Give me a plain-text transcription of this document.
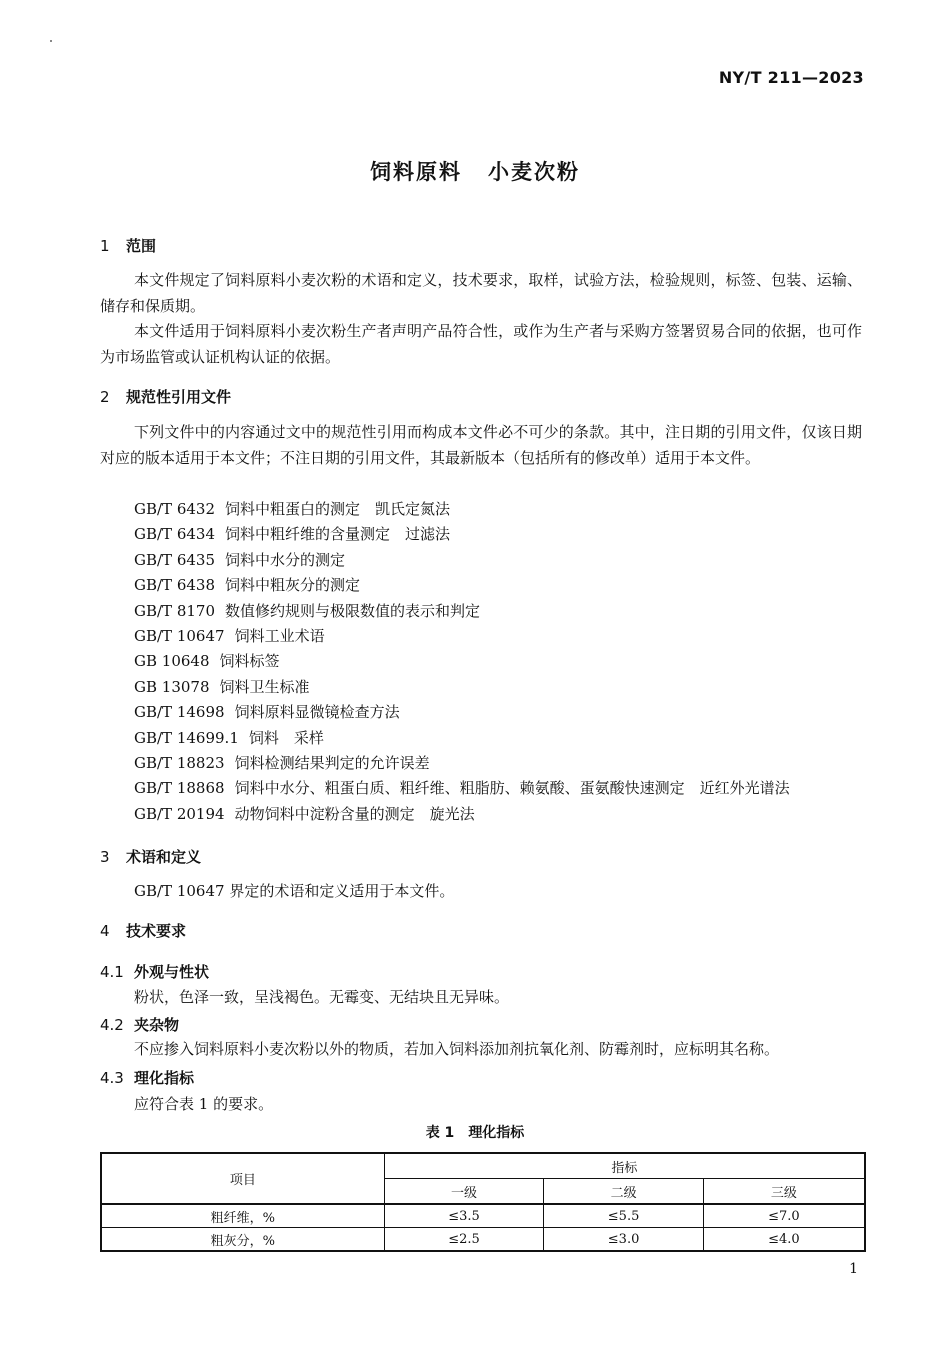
NY/T 211—2023
饲料原料 小麦次粉
1 范围
本文件规定了饲料原料小麦次粉的术语和定义，技术要求，取样，试验方法，检验规则，标签、包装、运输、储存和保质期。
本文件适用于饲料原料小麦次粉生产者声明产品符合性，或作为生产者与采购方签署贸易合同的依据，也可作为市场监管或认证机构认证的依据。
2 规范性引用文件
下列文件中的内容通过文中的规范性引用而构成本文件必不可少的条款。其中，注日期的引用文件，仅该日期对应的版本适用于本文件；不注日期的引用文件，其最新版本（包括所有的修改单）适用于本文件。
GB/T 6432 饲料中粗蛋白的测定　凯氏定氮法
GB/T 6434 饲料中粗纤维的含量测定　过滤法
GB/T 6435 饲料中水分的测定
GB/T 6438 饲料中粗灰分的测定
GB/T 8170 数值修约规则与极限数值的表示和判定
GB/T 10647 饲料工业术语
GB 10648 饲料标签
GB 13078 饲料卫生标准
GB/T 14698 饲料原料显微镜检查方法
GB/T 14699.1 饲料　采样
GB/T 18823 饲料检测结果判定的允许误差
GB/T 18868 饲料中水分、粗蛋白质、粗纤维、粗脂肪、赖氨酸、蛋氨酸快速测定　近红外光谱法
GB/T 20194 动物饲料中淀粉含量的测定　旋光法
3 术语和定义
GB/T 10647 界定的术语和定义适用于本文件。
4 技术要求
4.1 外观与性状
粉状，色泽一致，呈浅褐色。无霉变、无结块且无异味。
4.2 夹杂物
不应掺入饲料原料小麦次粉以外的物质，若加入饲料添加剂抗氧化剂、防霉剂时，应标明其名称。
4.3 理化指标
应符合表 1 的要求。
表 1 理化指标
项目	指标		
	一级	二级	三级
粗纤维，%	≤3.5	≤5.5	≤7.0
粗灰分，%	≤2.5	≤3.0	≤4.0
1
